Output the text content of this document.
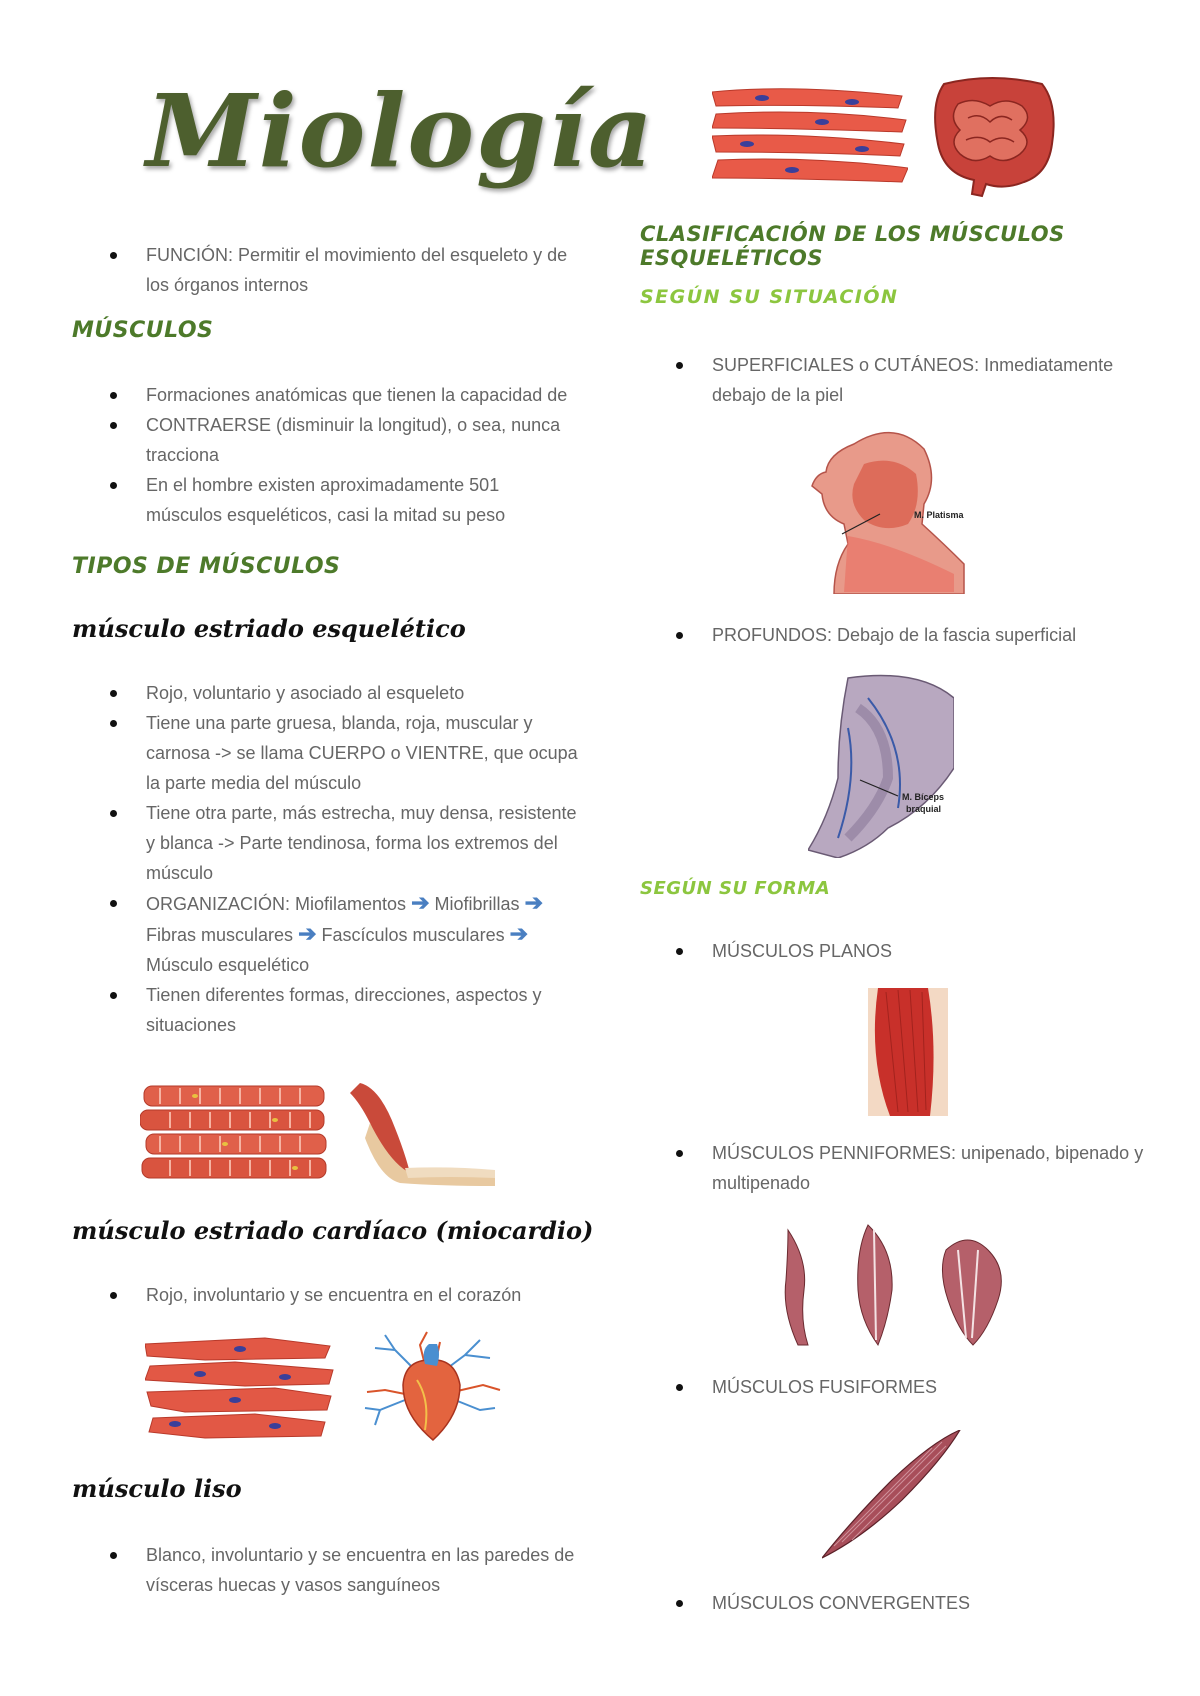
Miología
FUNCIÓN: Permitir el movimiento del esqueleto y de los órganos internos
MÚSCULOS
Formaciones anatómicas que tienen la capacidad de
CONTRAERSE (disminuir la longitud), o sea, nunca tracciona
En el hombre existen aproximadamente 501 músculos esqueléticos, casi la mitad su peso
TIPOS DE MÚSCULOS
músculo estriado esquelético
Rojo, voluntario y asociado al esqueleto
Tiene una parte gruesa, blanda, roja, muscular y carnosa -> se llama CUERPO o VIENTRE, que ocupa la parte media del músculo
Tiene otra parte, más estrecha, muy densa, resistente y blanca -> Parte tendinosa, forma los extremos del músculo
ORGANIZACIÓN: Miofilamentos ➔ Miofibrillas ➔ Fibras musculares ➔ Fascículos musculares ➔ Músculo esquelético
Tienen diferentes formas, direcciones, aspectos y situaciones
músculo estriado cardíaco (miocardio)
Rojo, involuntario y se encuentra en el corazón
músculo liso
Blanco, involuntario y se encuentra en las paredes de vísceras huecas y vasos sanguíneos
CLASIFICACIÓN DE LOS MÚSCULOS ESQUELÉTICOS
SEGÚN SU SITUACIÓN
SUPERFICIALES o CUTÁNEOS: Inmediatamente debajo de la piel
M. Platisma
PROFUNDOS: Debajo de la fascia superficial
M. Bíceps
braquial
SEGÚN SU FORMA
MÚSCULOS PLANOS
MÚSCULOS PENNIFORMES: unipenado, bipenado y multipenado
MÚSCULOS FUSIFORMES
MÚSCULOS CONVERGENTES
